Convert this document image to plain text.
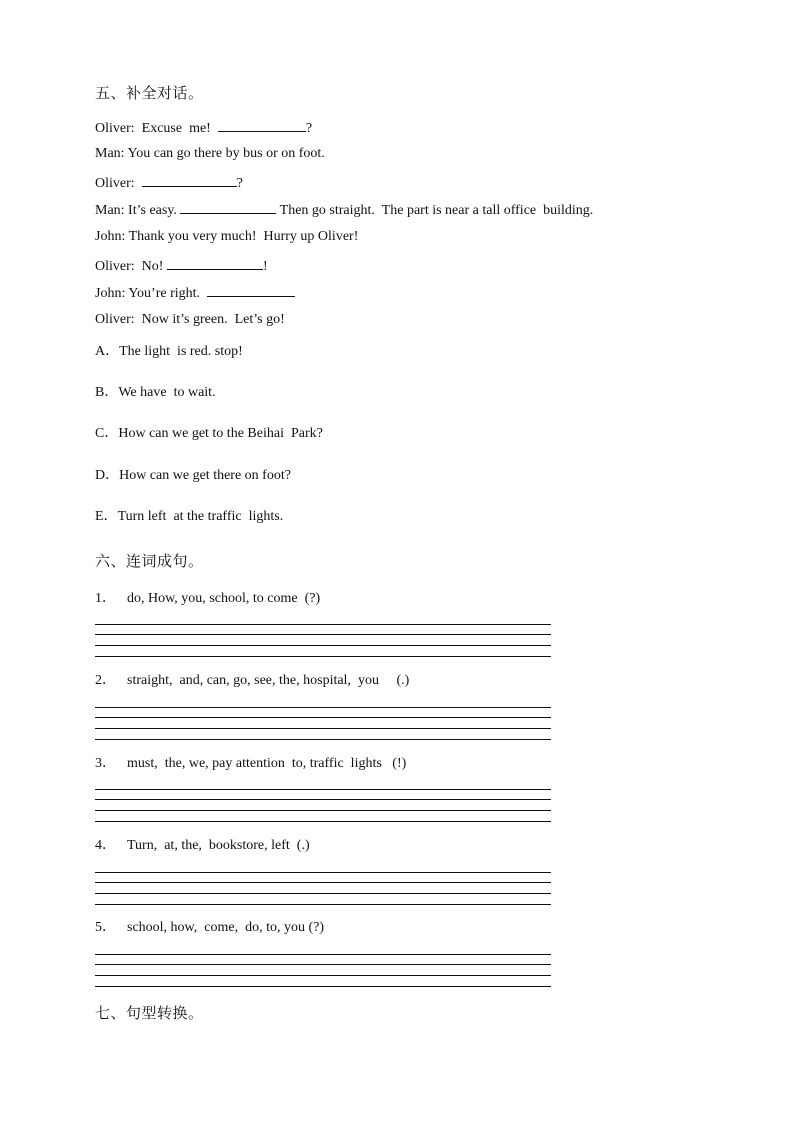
五、补全对话。
Oliver:  Excuse  me!	?
Man: You can go there by bus or on foot.
Oliver:	?
Man: It’s easy.	Then go straight.  The part is near a tall office  building.
John: Thank you very much!  Hurry up Oliver!
Oliver:  No!	!
John: You’re right.
Oliver:  Now it’s green.  Let’s go!
A．The light  is red. stop!
B．We have  to wait.
C．How can we get to the Beihai  Park?
D．How can we get there on foot?
E．Turn left  at the traffic  lights.
六、连词成句。
1． do, How, you, school, to come  (?)
2． straight,  and, can, go, see, the, hospital,  you     (.)
3． must,  the, we, pay attention  to, traffic  lights   (!)
4． Turn,  at, the,  bookstore, left  (.)
5． school, how,  come,  do, to, you (?)
七、句型转换。
